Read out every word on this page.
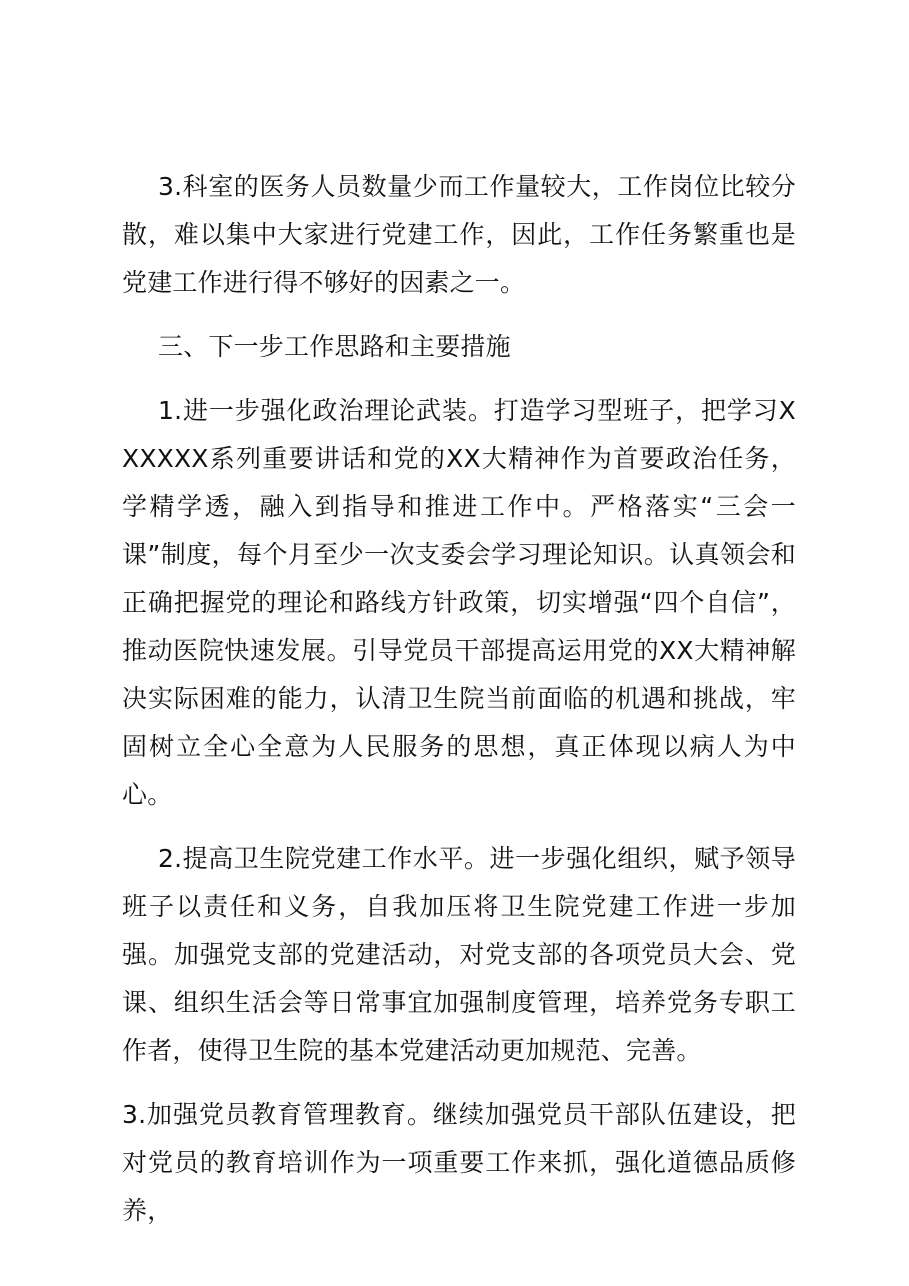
3.科室的医务人员数量少而工作量较大，工作岗位比较分散，难以集中大家进行党建工作，因此，工作任务繁重也是党建工作进行得不够好的因素之一。

三、下一步工作思路和主要措施

1.进一步强化政治理论武装。打造学习型班子，把学习XXXXXX系列重要讲话和党的XX大精神作为首要政治任务，学精学透，融入到指导和推进工作中。严格落实“三会一课”制度，每个月至少一次支委会学习理论知识。认真领会和正确把握党的理论和路线方针政策，切实增强“四个自信”，推动医院快速发展。引导党员干部提高运用党的XX大精神解决实际困难的能力，认清卫生院当前面临的机遇和挑战，牢固树立全心全意为人民服务的思想，真正体现以病人为中心。

2.提高卫生院党建工作水平。进一步强化组织，赋予领导班子以责任和义务，自我加压将卫生院党建工作进一步加强。加强党支部的党建活动，对党支部的各项党员大会、党课、组织生活会等日常事宜加强制度管理，培养党务专职工作者，使得卫生院的基本党建活动更加规范、完善。

3.加强党员教育管理教育。继续加强党员干部队伍建设，把对党员的教育培训作为一项重要工作来抓，强化道德品质修养，
